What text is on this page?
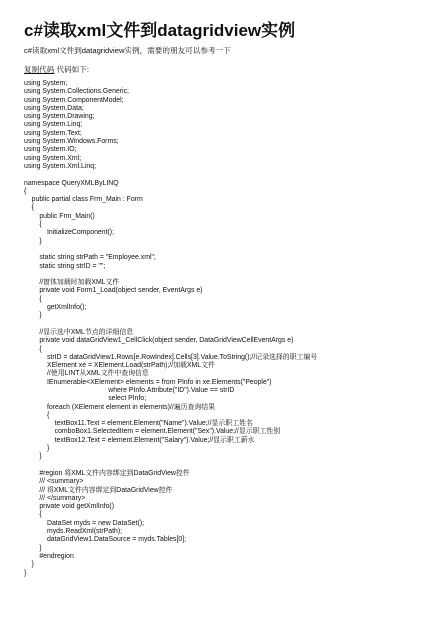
c#读取xml文件到datagridview实例
c#读取xml文件到datagridview实例，需要的朋友可以参考一下
复制代码 代码如下:
using System;
using System.Collections.Generic;
using System.ComponentModel;
using System.Data;
using System.Drawing;
using System.Linq;
using System.Text;
using System.Windows.Forms;
using System.IO;
using System.Xml;
using System.Xml.Linq;

namespace QueryXMLByLINQ
{
public partial class Frm_Main : Form
{
public Frm_Main()
{
InitializeComponent();
}

static string strPath = "Employee.xml";
static string strID = "";

//窗体加载时加载XML文件
private void Form1_Load(object sender, EventArgs e)
{
getXmlInfo();
}

//显示选中XML节点的详细信息
private void dataGridView1_CellClick(object sender, DataGridViewCellEventArgs e)
{
strID = dataGridView1.Rows[e.RowIndex].Cells[3].Value.ToString();//记录选择的职工编号
XElement xe = XElement.Load(strPath);//加载XML文件
//使用LINT从XML文件中查询信息
IEnumerable<XElement> elements = from PInfo in xe.Elements("People")
where PInfo.Attribute("ID").Value == strID
select PInfo;
foreach (XElement element in elements)//遍历查询结果
{
textBox11.Text = element.Element("Name").Value;//显示职工姓名
comboBox1.SelectedItem = element.Element("Sex").Value;//显示职工性别
textBox12.Text = element.Element("Salary").Value;//显示职工薪水
}
}

#region 将XML文件内容绑定到DataGridView控件
/// <summary>
/// 将XML文件内容绑定到DataGridView控件
/// </summary>
private void getXmlInfo()
{
DataSet myds = new DataSet();
myds.ReadXml(strPath);
dataGridView1.DataSource = myds.Tables[0];
}
#endregion
}
}
